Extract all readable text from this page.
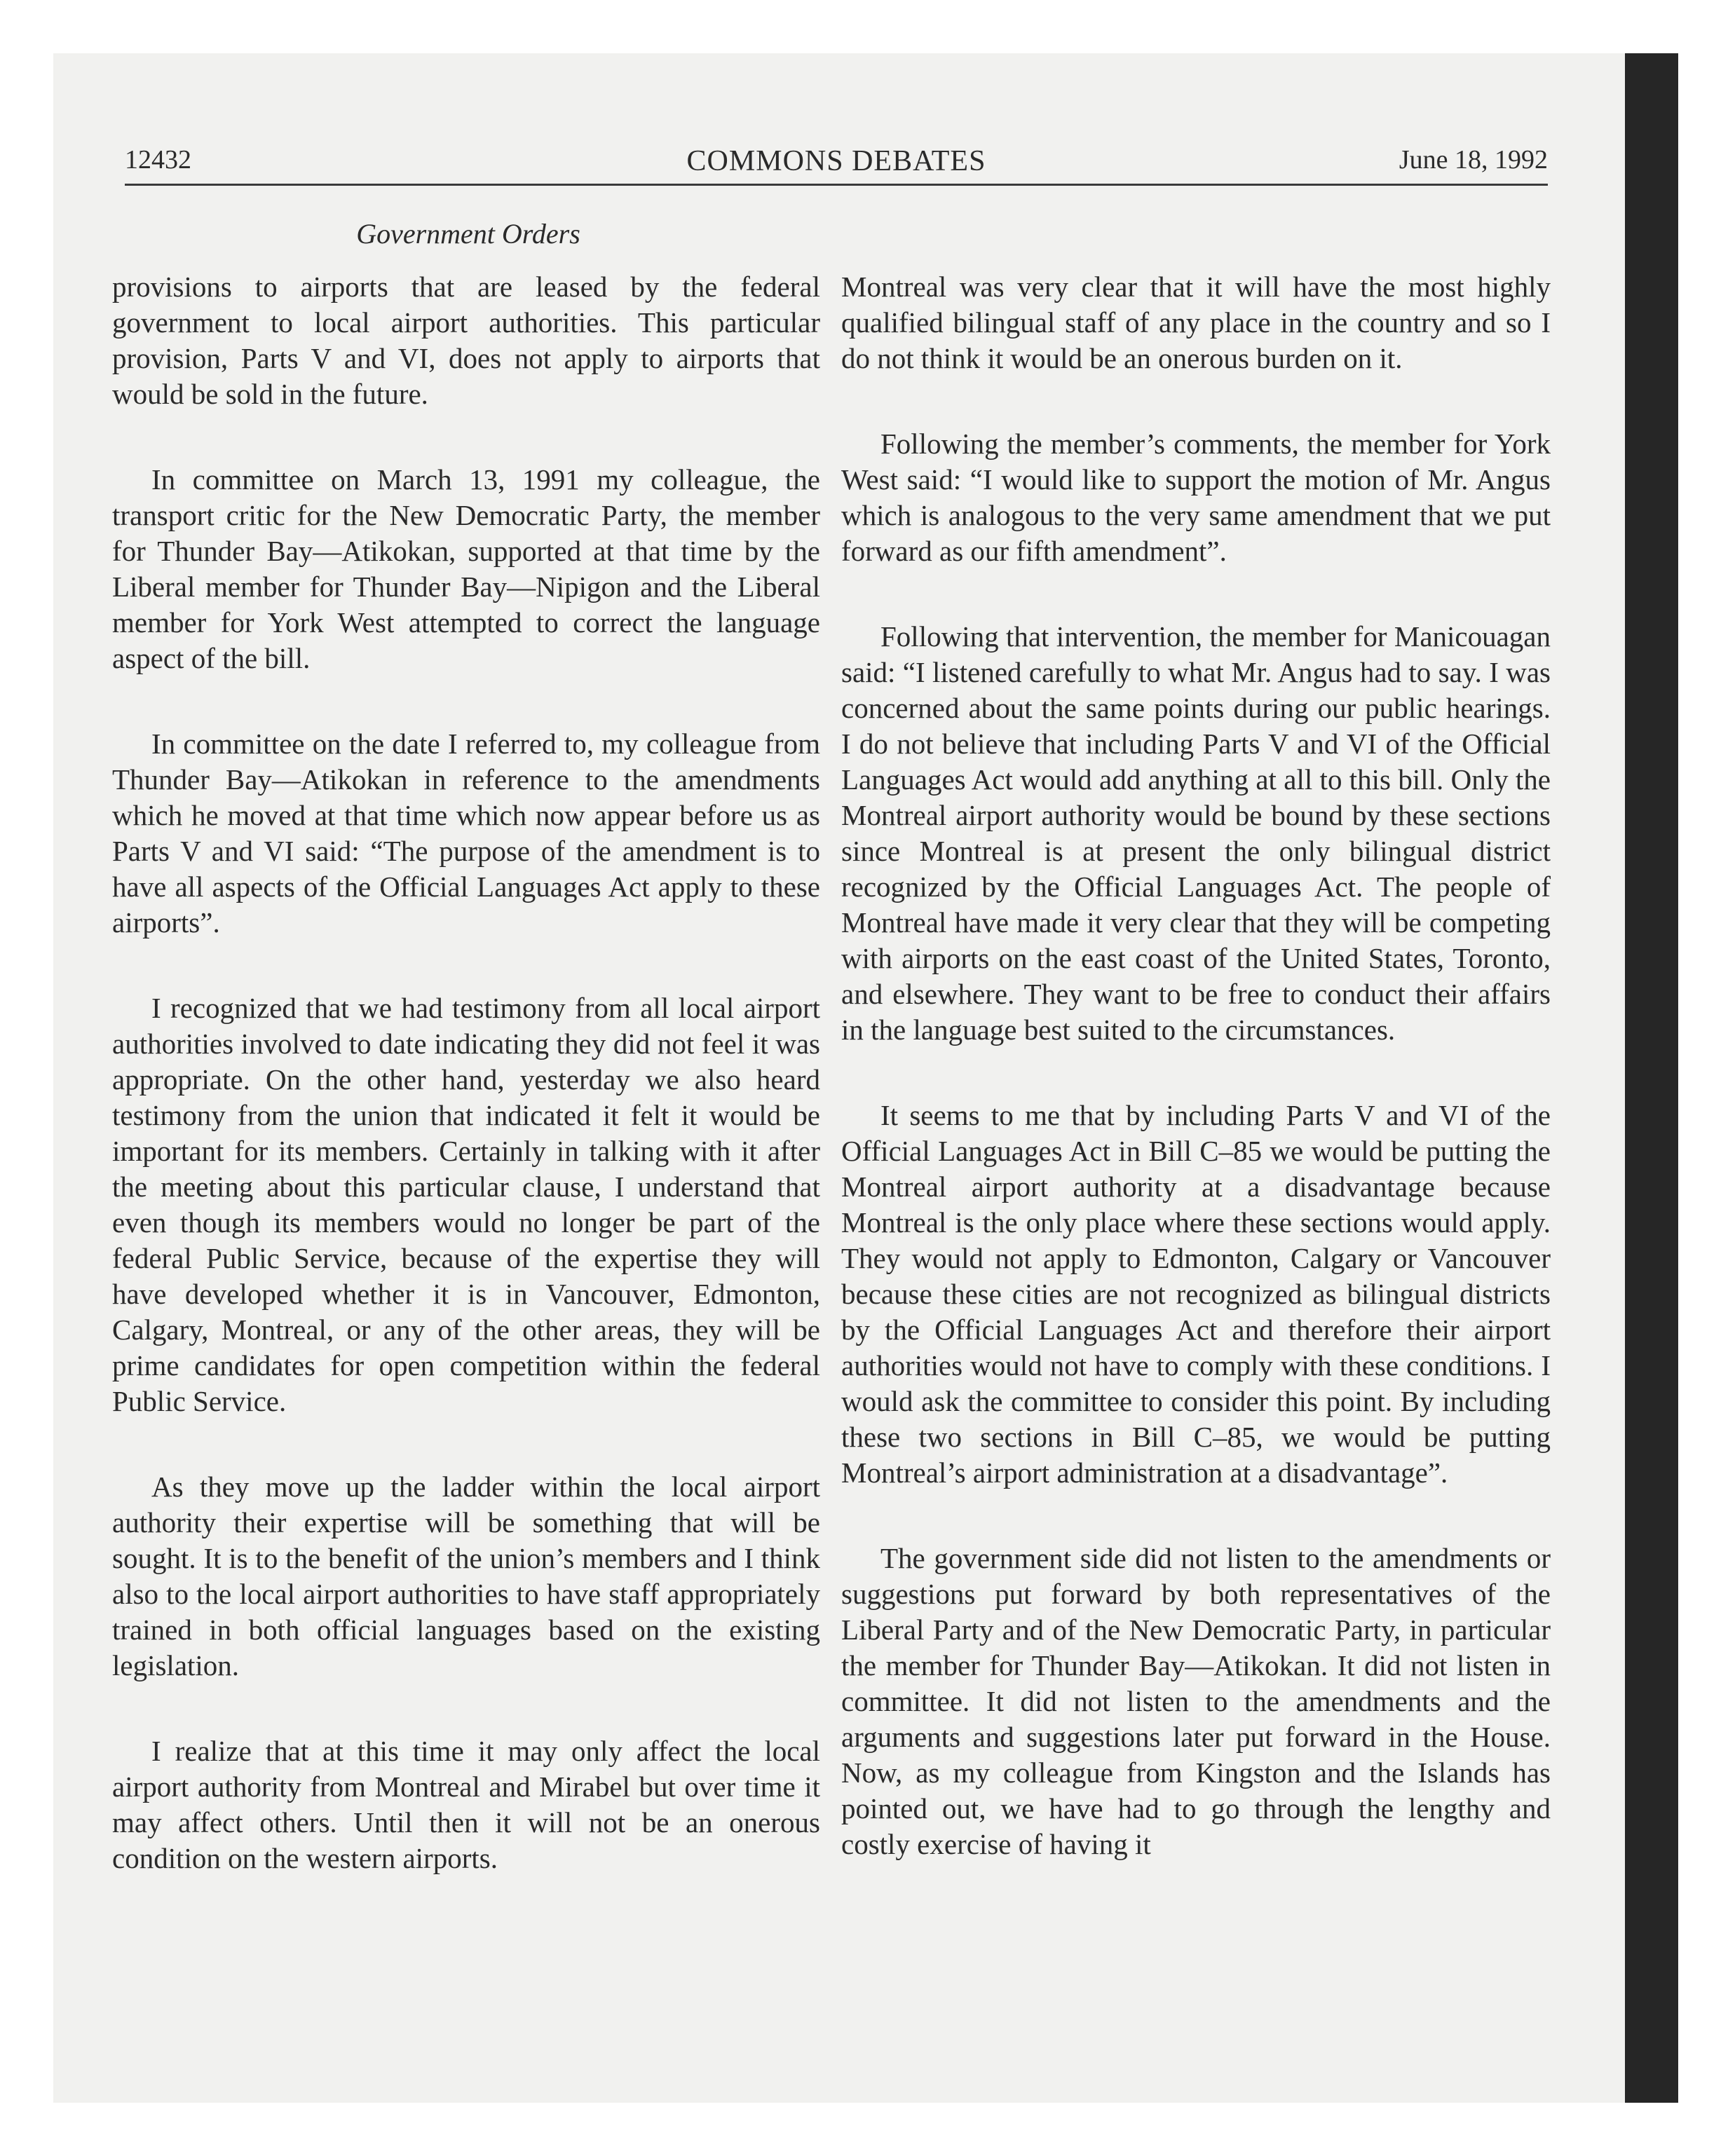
12432	COMMONS DEBATES	June 18, 1992
Government Orders

provisions to airports that are leased by the federal government to local airport authorities. This particular provision, Parts V and VI, does not apply to airports that would be sold in the future.

In committee on March 13, 1991 my colleague, the transport critic for the New Democratic Party, the member for Thunder Bay—Atikokan, supported at that time by the Liberal member for Thunder Bay—Nipigon and the Liberal member for York West attempted to correct the language aspect of the bill.

In committee on the date I referred to, my colleague from Thunder Bay—Atikokan in reference to the amendments which he moved at that time which now appear before us as Parts V and VI said: “The purpose of the amendment is to have all aspects of the Official Languages Act apply to these airports”.

I recognized that we had testimony from all local airport authorities involved to date indicating they did not feel it was appropriate. On the other hand, yesterday we also heard testimony from the union that indicated it felt it would be important for its members. Certainly in talking with it after the meeting about this particular clause, I understand that even though its members would no longer be part of the federal Public Service, because of the expertise they will have developed whether it is in Vancouver, Edmonton, Calgary, Montreal, or any of the other areas, they will be prime candidates for open competition within the federal Public Service.

As they move up the ladder within the local airport authority their expertise will be something that will be sought. It is to the benefit of the union’s members and I think also to the local airport authorities to have staff appropriately trained in both official languages based on the existing legislation.

I realize that at this time it may only affect the local airport authority from Montreal and Mirabel but over time it may affect others. Until then it will not be an onerous condition on the western airports.

Montreal was very clear that it will have the most highly qualified bilingual staff of any place in the country and so I do not think it would be an onerous burden on it.

Following the member’s comments, the member for York West said: “I would like to support the motion of Mr. Angus which is analogous to the very same amendment that we put forward as our fifth amendment”.

Following that intervention, the member for Manicouagan said: “I listened carefully to what Mr. Angus had to say. I was concerned about the same points during our public hearings. I do not believe that including Parts V and VI of the Official Languages Act would add anything at all to this bill. Only the Montreal airport authority would be bound by these sections since Montreal is at present the only bilingual district recognized by the Official Languages Act. The people of Montreal have made it very clear that they will be competing with airports on the east coast of the United States, Toronto, and elsewhere. They want to be free to conduct their affairs in the language best suited to the circumstances.

It seems to me that by including Parts V and VI of the Official Languages Act in Bill C–85 we would be putting the Montreal airport authority at a disadvantage because Montreal is the only place where these sections would apply. They would not apply to Edmonton, Calgary or Vancouver because these cities are not recognized as bilingual districts by the Official Languages Act and therefore their airport authorities would not have to comply with these conditions. I would ask the committee to consider this point. By including these two sections in Bill C–85, we would be putting Montreal’s airport administration at a disadvantage”.

The government side did not listen to the amendments or suggestions put forward by both representatives of the Liberal Party and of the New Democratic Party, in particular the member for Thunder Bay—Atikokan. It did not listen in committee. It did not listen to the amendments and the arguments and suggestions later put forward in the House. Now, as my colleague from Kingston and the Islands has pointed out, we have had to go through the lengthy and costly exercise of having it
